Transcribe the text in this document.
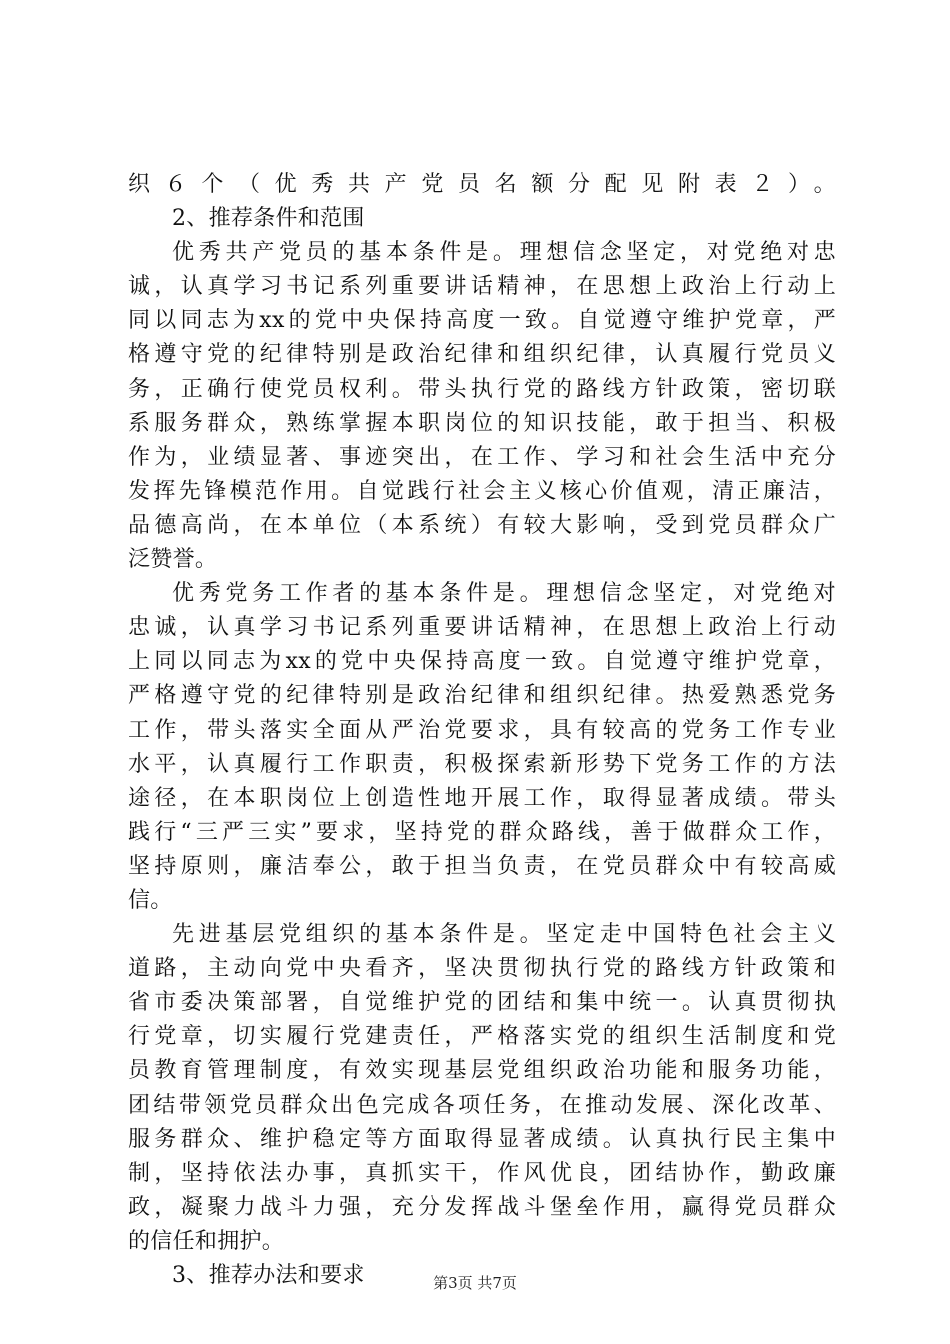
织６个（优秀共产党员名额分配见附表２）。
2、推荐条件和范围
优秀共产党员的基本条件是。理想信念坚定，对党绝对忠
诚，认真学习书记系列重要讲话精神，在思想上政治上行动上
同以同志为xx的党中央保持高度一致。自觉遵守维护党章，严
格遵守党的纪律特别是政治纪律和组织纪律，认真履行党员义
务，正确行使党员权利。带头执行党的路线方针政策，密切联
系服务群众，熟练掌握本职岗位的知识技能，敢于担当、积极
作为，业绩显著、事迹突出，在工作、学习和社会生活中充分
发挥先锋模范作用。自觉践行社会主义核心价值观，清正廉洁，
品德高尚，在本单位（本系统）有较大影响，受到党员群众广
泛赞誉。
优秀党务工作者的基本条件是。理想信念坚定，对党绝对
忠诚，认真学习书记系列重要讲话精神，在思想上政治上行动
上同以同志为xx的党中央保持高度一致。自觉遵守维护党章，
严格遵守党的纪律特别是政治纪律和组织纪律。热爱熟悉党务
工作，带头落实全面从严治党要求，具有较高的党务工作专业
水平，认真履行工作职责，积极探索新形势下党务工作的方法
途径，在本职岗位上创造性地开展工作，取得显著成绩。带头
践行“三严三实”要求，坚持党的群众路线，善于做群众工作，
坚持原则，廉洁奉公，敢于担当负责，在党员群众中有较高威
信。
先进基层党组织的基本条件是。坚定走中国特色社会主义
道路，主动向党中央看齐，坚决贯彻执行党的路线方针政策和
省市委决策部署，自觉维护党的团结和集中统一。认真贯彻执
行党章，切实履行党建责任，严格落实党的组织生活制度和党
员教育管理制度，有效实现基层党组织政治功能和服务功能，
团结带领党员群众出色完成各项任务，在推动发展、深化改革、
服务群众、维护稳定等方面取得显著成绩。认真执行民主集中
制，坚持依法办事，真抓实干，作风优良，团结协作，勤政廉
政，凝聚力战斗力强，充分发挥战斗堡垒作用，赢得党员群众
的信任和拥护。
3、推荐办法和要求	第3页 共7页
